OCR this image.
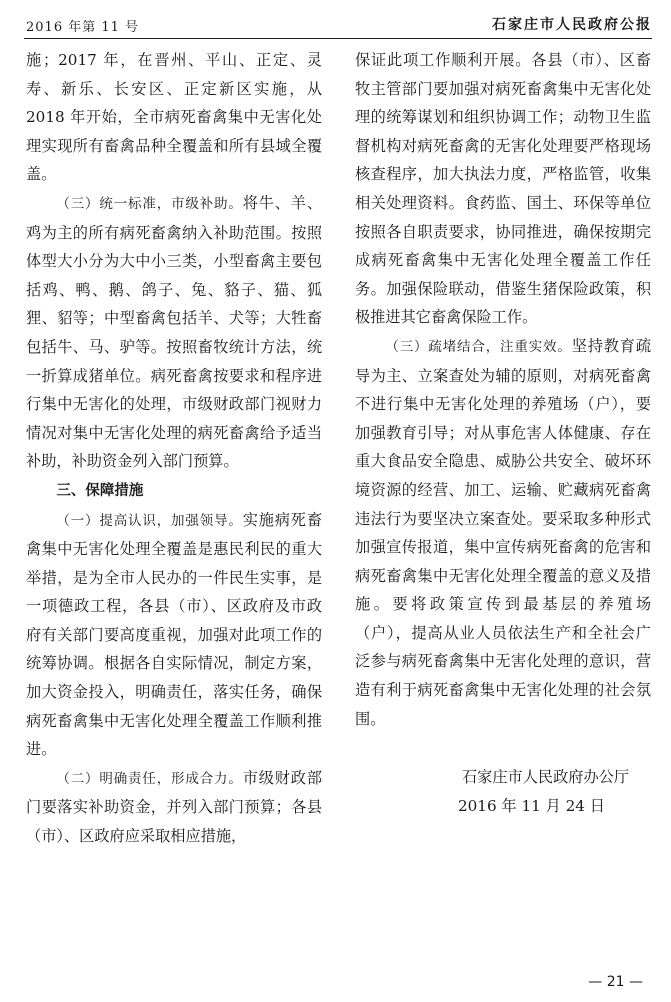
2016 年第 11 号	石家庄市人民政府公报

施；2017 年，在晋州、平山、正定、灵寿、新乐、长安区、正定新区实施，从 2018 年开始，全市病死畜禽集中无害化处理实现所有畜禽品种全覆盖和所有县域全覆盖。

（三）统一标准，市级补助。将牛、羊、鸡为主的所有病死畜禽纳入补助范围。按照体型大小分为大中小三类，小型畜禽主要包括鸡、鸭、鹅、鸽子、兔、貉子、猫、狐狸、貂等；中型畜禽包括羊、犬等；大牲畜包括牛、马、驴等。按照畜牧统计方法，统一折算成猪单位。病死畜禽按要求和程序进行集中无害化的处理，市级财政部门视财力情况对集中无害化处理的病死畜禽给予适当补助，补助资金列入部门预算。

三、保障措施

（一）提高认识，加强领导。实施病死畜禽集中无害化处理全覆盖是惠民利民的重大举措，是为全市人民办的一件民生实事，是一项德政工程，各县（市）、区政府及市政府有关部门要高度重视，加强对此项工作的统筹协调。根据各自实际情况，制定方案，加大资金投入，明确责任，落实任务，确保病死畜禽集中无害化处理全覆盖工作顺利推进。

（二）明确责任，形成合力。市级财政部门要落实补助资金，并列入部门预算；各县（市）、区政府应采取相应措施，

保证此项工作顺利开展。各县（市）、区畜牧主管部门要加强对病死畜禽集中无害化处理的统筹谋划和组织协调工作；动物卫生监督机构对病死畜禽的无害化处理要严格现场核查程序，加大执法力度，严格监管，收集相关处理资料。食药监、国土、环保等单位按照各自职责要求，协同推进，确保按期完成病死畜禽集中无害化处理全覆盖工作任务。加强保险联动，借鉴生猪保险政策，积极推进其它畜禽保险工作。

（三）疏堵结合，注重实效。坚持教育疏导为主、立案查处为辅的原则，对病死畜禽不进行集中无害化处理的养殖场（户），要加强教育引导；对从事危害人体健康、存在重大食品安全隐患、威胁公共安全、破坏环境资源的经营、加工、运输、贮藏病死畜禽违法行为要坚决立案查处。要采取多种形式加强宣传报道，集中宣传病死畜禽的危害和病死畜禽集中无害化处理全覆盖的意义及措施。要将政策宣传到最基层的养殖场（户），提高从业人员依法生产和全社会广泛参与病死畜禽集中无害化处理的意识，营造有利于病死畜禽集中无害化处理的社会氛围。

石家庄市人民政府办公厅
2016 年 11 月 24 日
— 21 —
